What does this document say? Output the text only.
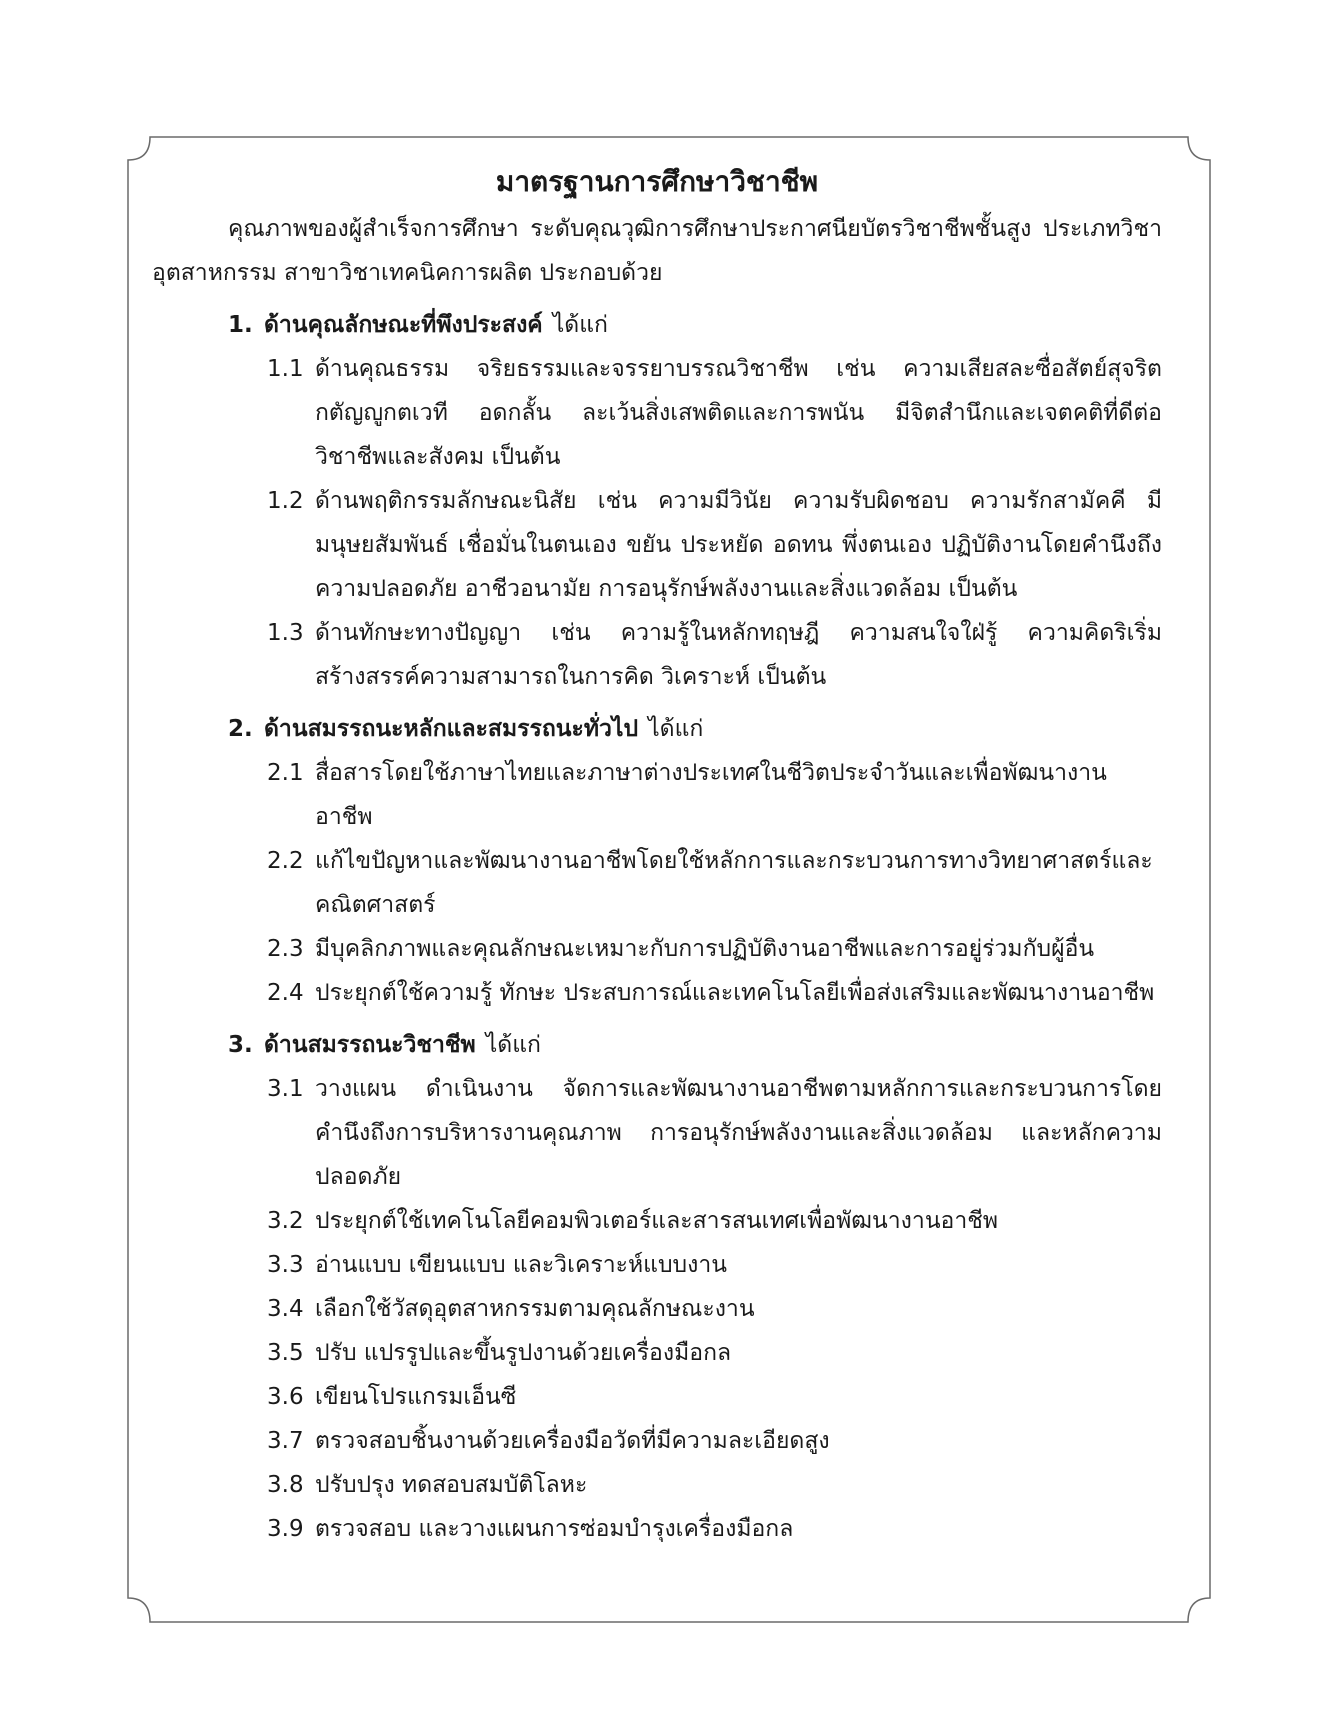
มาตรฐานการศึกษาวิชาชีพ

คุณภาพของผู้สำเร็จการศึกษา ระดับคุณวุฒิการศึกษาประกาศนียบัตรวิชาชีพชั้นสูง ประเภทวิชาอุตสาหกรรม สาขาวิชาเทคนิคการผลิต ประกอบด้วย

1. ด้านคุณลักษณะที่พึงประสงค์ ได้แก่
1.1 ด้านคุณธรรม จริยธรรมและจรรยาบรรณวิชาชีพ เช่น ความเสียสละซื่อสัตย์สุจริต กตัญญูกตเวที อดกลั้น ละเว้นสิ่งเสพติดและการพนัน มีจิตสำนึกและเจตคติที่ดีต่อวิชาชีพและสังคม เป็นต้น
1.2 ด้านพฤติกรรมลักษณะนิสัย เช่น ความมีวินัย ความรับผิดชอบ ความรักสามัคคี มีมนุษยสัมพันธ์ เชื่อมั่นในตนเอง ขยัน ประหยัด อดทน พึ่งตนเอง ปฏิบัติงานโดยคำนึงถึงความปลอดภัย อาชีวอนามัย การอนุรักษ์พลังงานและสิ่งแวดล้อม เป็นต้น
1.3 ด้านทักษะทางปัญญา เช่น ความรู้ในหลักทฤษฎี ความสนใจใฝ่รู้ ความคิดริเริ่มสร้างสรรค์ความสามารถในการคิด วิเคราะห์ เป็นต้น
2. ด้านสมรรถนะหลักและสมรรถนะทั่วไป ได้แก่
2.1 สื่อสารโดยใช้ภาษาไทยและภาษาต่างประเทศในชีวิตประจำวันและเพื่อพัฒนางานอาชีพ
2.2 แก้ไขปัญหาและพัฒนางานอาชีพโดยใช้หลักการและกระบวนการทางวิทยาศาสตร์และคณิตศาสตร์
2.3 มีบุคลิกภาพและคุณลักษณะเหมาะกับการปฏิบัติงานอาชีพและการอยู่ร่วมกับผู้อื่น
2.4 ประยุกต์ใช้ความรู้ ทักษะ ประสบการณ์และเทคโนโลยีเพื่อส่งเสริมและพัฒนางานอาชีพ
3. ด้านสมรรถนะวิชาชีพ ได้แก่
3.1 วางแผน ดำเนินงาน จัดการและพัฒนางานอาชีพตามหลักการและกระบวนการโดยคำนึงถึงการบริหารงานคุณภาพ การอนุรักษ์พลังงานและสิ่งแวดล้อม และหลักความปลอดภัย
3.2 ประยุกต์ใช้เทคโนโลยีคอมพิวเตอร์และสารสนเทศเพื่อพัฒนางานอาชีพ
3.3 อ่านแบบ เขียนแบบ และวิเคราะห์แบบงาน
3.4 เลือกใช้วัสดุอุตสาหกรรมตามคุณลักษณะงาน
3.5 ปรับ แปรรูปและขึ้นรูปงานด้วยเครื่องมือกล
3.6 เขียนโปรแกรมเอ็นซี
3.7 ตรวจสอบชิ้นงานด้วยเครื่องมือวัดที่มีความละเอียดสูง
3.8 ปรับปรุง ทดสอบสมบัติโลหะ
3.9 ตรวจสอบ และวางแผนการซ่อมบำรุงเครื่องมือกล
